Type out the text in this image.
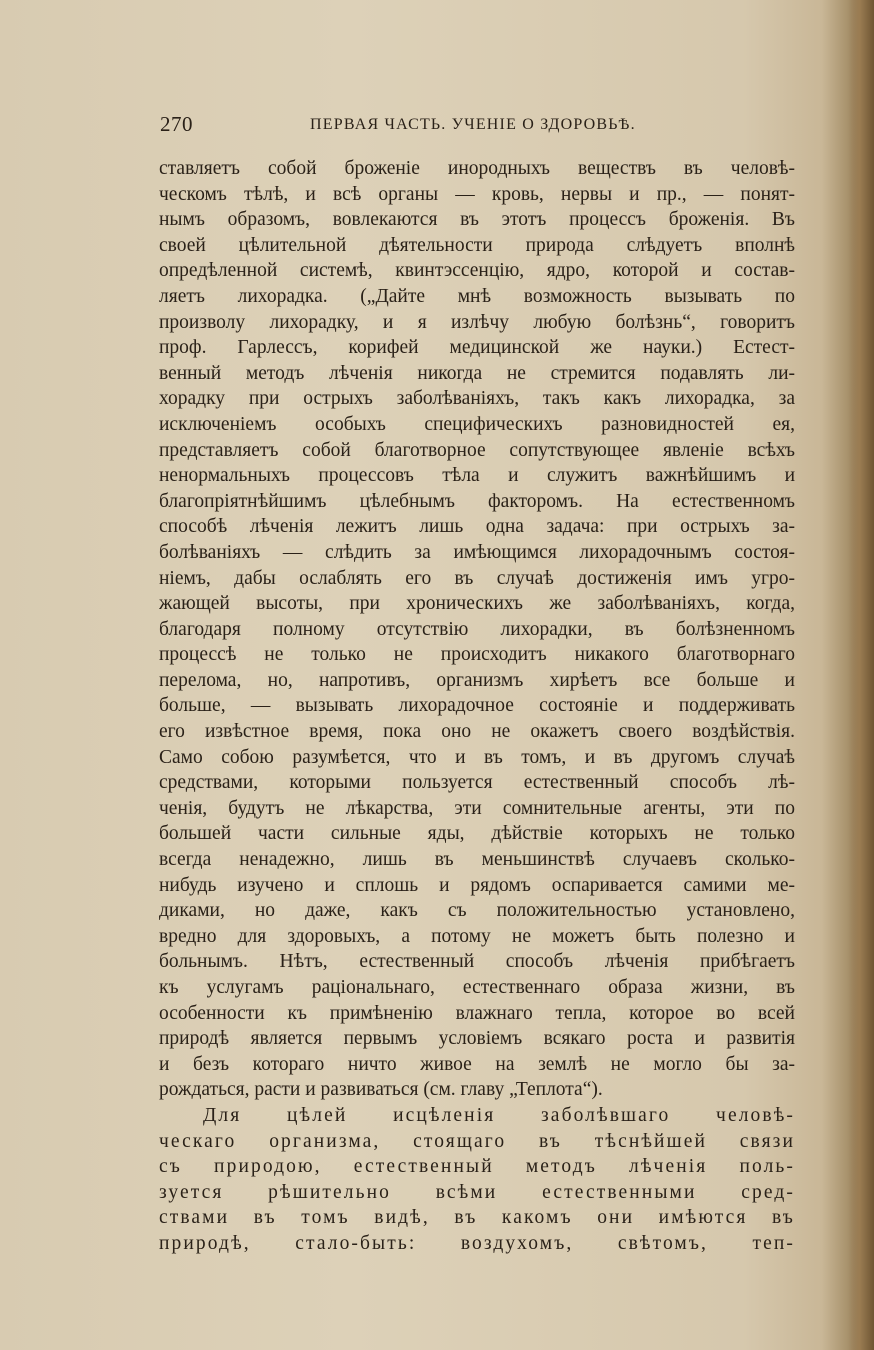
270	ПЕРВАЯ ЧАСТЬ. УЧЕНІЕ О ЗДОРОВЬѢ.
ставляетъ собой броженіе инородныхъ веществъ въ человѣ-
ческомъ тѣлѣ, и всѣ органы — кровь, нервы и пр., — понят-
нымъ образомъ, вовлекаются въ этотъ процессъ броженія. Въ
своей цѣлительной дѣятельности природа слѣдуетъ вполнѣ
опредѣленной системѣ, квинтэссенцію, ядро, которой и состав-
ляетъ лихорадка. („Дайте мнѣ возможность вызывать по
произволу лихорадку, и я излѣчу любую болѣзнь“, говоритъ
проф. Гарлессъ, корифей медицинской же науки.) Естест-
венный методъ лѣченія никогда не стремится подавлять ли-
хорадку при острыхъ заболѣваніяхъ, такъ какъ лихорадка, за
исключеніемъ особыхъ специфическихъ разновидностей ея,
представляетъ собой благотворное сопутствующее явленіе всѣхъ
ненормальныхъ процессовъ тѣла и служитъ важнѣйшимъ и
благопріятнѣйшимъ цѣлебнымъ факторомъ. На естественномъ
способѣ лѣченія лежитъ лишь одна задача: при острыхъ за-
болѣваніяхъ — слѣдить за имѣющимся лихорадочнымъ состоя-
ніемъ, дабы ослаблять его въ случаѣ достиженія имъ угро-
жающей высоты, при хроническихъ же заболѣваніяхъ, когда,
благодаря полному отсутствію лихорадки, въ болѣзненномъ
процессѣ не только не происходитъ никакого благотворнаго
перелома, но, напротивъ, организмъ хирѣетъ все больше и
больше, — вызывать лихорадочное состояніе и поддерживать
его извѣстное время, пока оно не окажетъ своего воздѣйствія.
Само собою разумѣется, что и въ томъ, и въ другомъ случаѣ
средствами, которыми пользуется естественный способъ лѣ-
ченія, будутъ не лѣкарства, эти сомнительные агенты, эти по
большей части сильные яды, дѣйствіе которыхъ не только
всегда ненадежно, лишь въ меньшинствѣ случаевъ сколько-
нибудь изучено и сплошь и рядомъ оспаривается самими ме-
диками, но даже, какъ съ положительностью установлено,
вредно для здоровыхъ, а потому не можетъ быть полезно и
больнымъ. Нѣтъ, естественный способъ лѣченія прибѣгаетъ
къ услугамъ раціональнаго, естественнаго образа жизни, въ
особенности къ примѣненію влажнаго тепла, которое во всей
природѣ является первымъ условіемъ всякаго роста и развитія
и безъ котораго ничто живое на землѣ не могло бы за-
рождаться, расти и развиваться (см. главу „Теплота“).
Для цѣлей исцѣленія заболѣвшаго человѣ-
ческаго организма, стоящаго въ тѣснѣйшей связи
съ природою, естественный методъ лѣченія поль-
зуется рѣшительно всѣми естественными сред-
ствами въ томъ видѣ, въ какомъ они имѣются въ
природѣ, стало-быть: воздухомъ, свѣтомъ, теп-
